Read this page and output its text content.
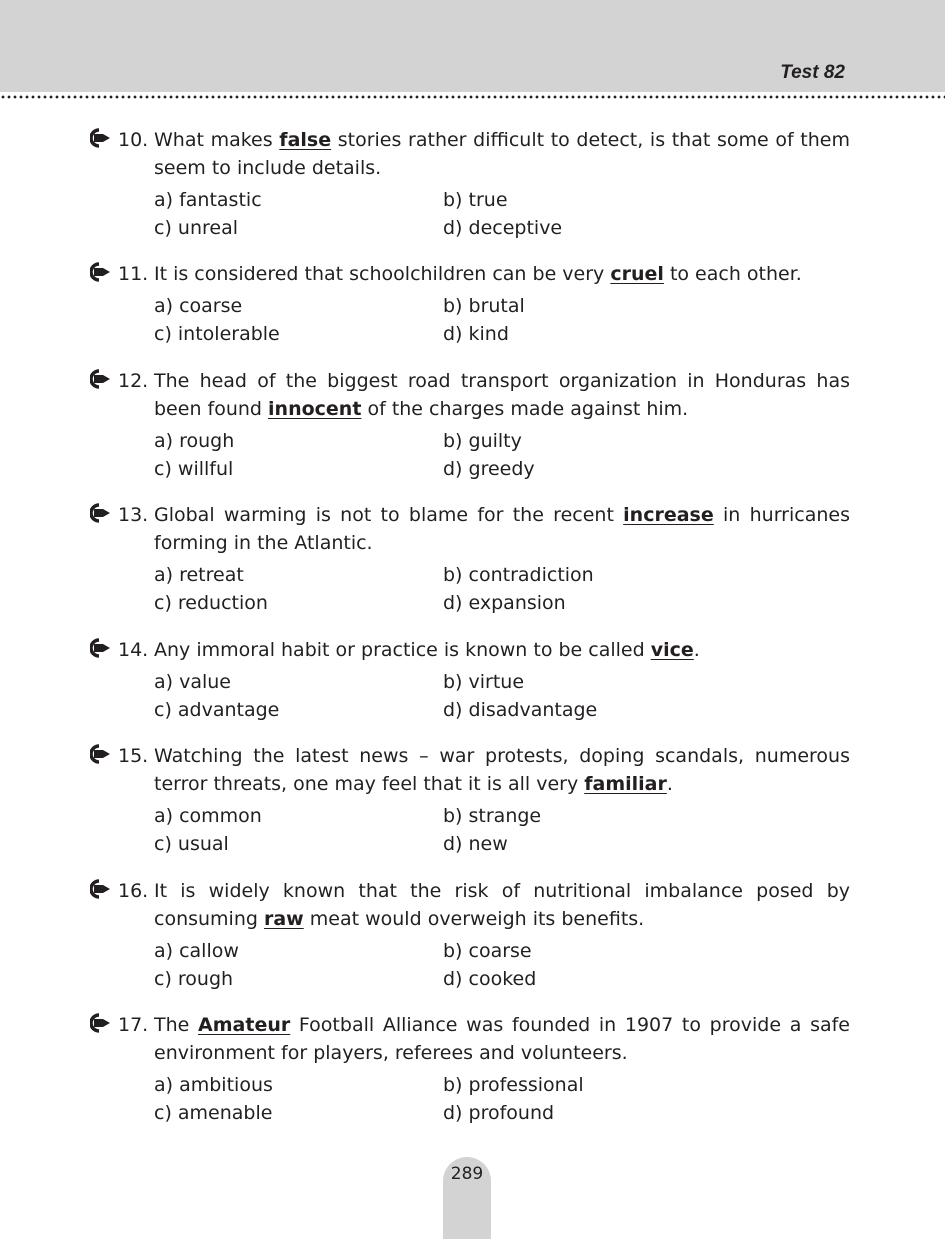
Test 82
10. What makes false stories rather difficult to detect, is that some of them seem to include details.
a) fantastic	b) true
c) unreal	d) deceptive
11. It is considered that schoolchildren can be very cruel to each other.
a) coarse	b) brutal
c) intolerable	d) kind
12. The head of the biggest road transport organization in Honduras has been found innocent of the charges made against him.
a) rough	b) guilty
c) willful	d) greedy
13. Global warming is not to blame for the recent increase in hurricanes forming in the Atlantic.
a) retreat	b) contradiction
c) reduction	d) expansion
14. Any immoral habit or practice is known to be called vice.
a) value	b) virtue
c) advantage	d) disadvantage
15. Watching the latest news – war protests, doping scandals, numerous terror threats, one may feel that it is all very familiar.
a) common	b) strange
c) usual	d) new
16. It is widely known that the risk of nutritional imbalance posed by consuming raw meat would overweigh its benefits.
a) callow	b) coarse
c) rough	d) cooked
17. The Amateur Football Alliance was founded in 1907 to provide a safe environment for players, referees and volunteers.
a) ambitious	b) professional
c) amenable	d) profound
289
